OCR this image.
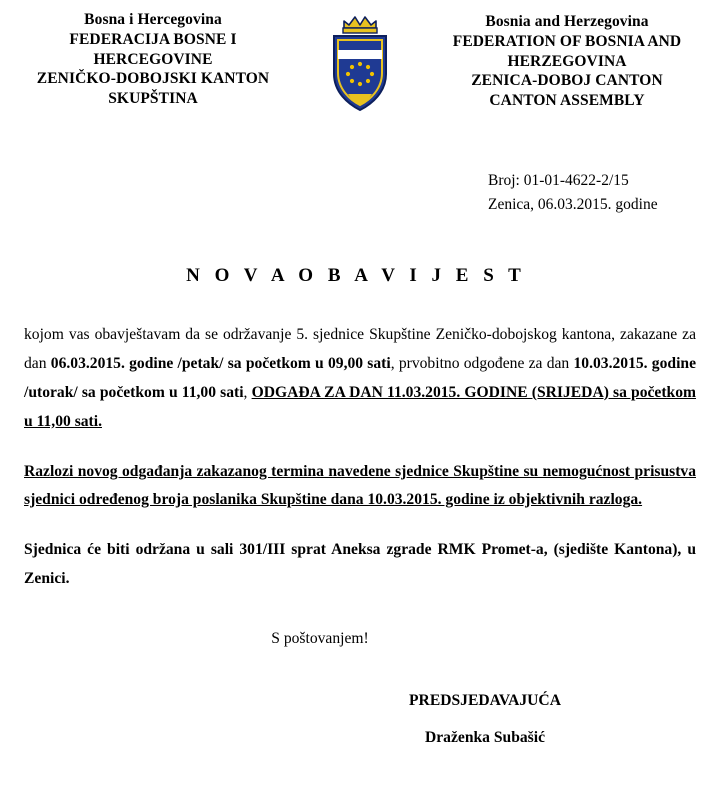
Bosna i Hercegovina
FEDERACIJA BOSNE I
HERCEGOVINE
ZENIČKO-DOBOJSKI KANTON
SKUPŠTINA
Bosnia and Herzegovina
FEDERATION OF BOSNIA AND
HERZEGOVINA
ZENICA-DOBOJ CANTON
CANTON ASSEMBLY
Broj: 01-01-4622-2/15
Zenica, 06.03.2015. godine
N O V A O B A V I J E S T

kojom vas obavještavam da se održavanje 5. sjednice Skupštine Zeničko-dobojskog kantona, zakazane za dan 06.03.2015. godine /petak/ sa početkom u 09,00 sati, prvobitno odgođene za dan 10.03.2015. godine /utorak/ sa početkom u 11,00 sati, ODGAĐA ZA DAN 11.03.2015. GODINE (SRIJEDA) sa početkom u 11,00 sati.

Razlozi novog odgađanja zakazanog termina navedene sjednice Skupštine su nemogućnost prisustva sjednici određenog broja poslanika Skupštine dana 10.03.2015. godine iz objektivnih razloga.

Sjednica će biti održana u sali 301/III sprat Aneksa zgrade RMK Promet-a, (sjedište Kantona), u Zenici.

S poštovanjem!
PREDSJEDAVAJUĆA
Draženka Subašić
